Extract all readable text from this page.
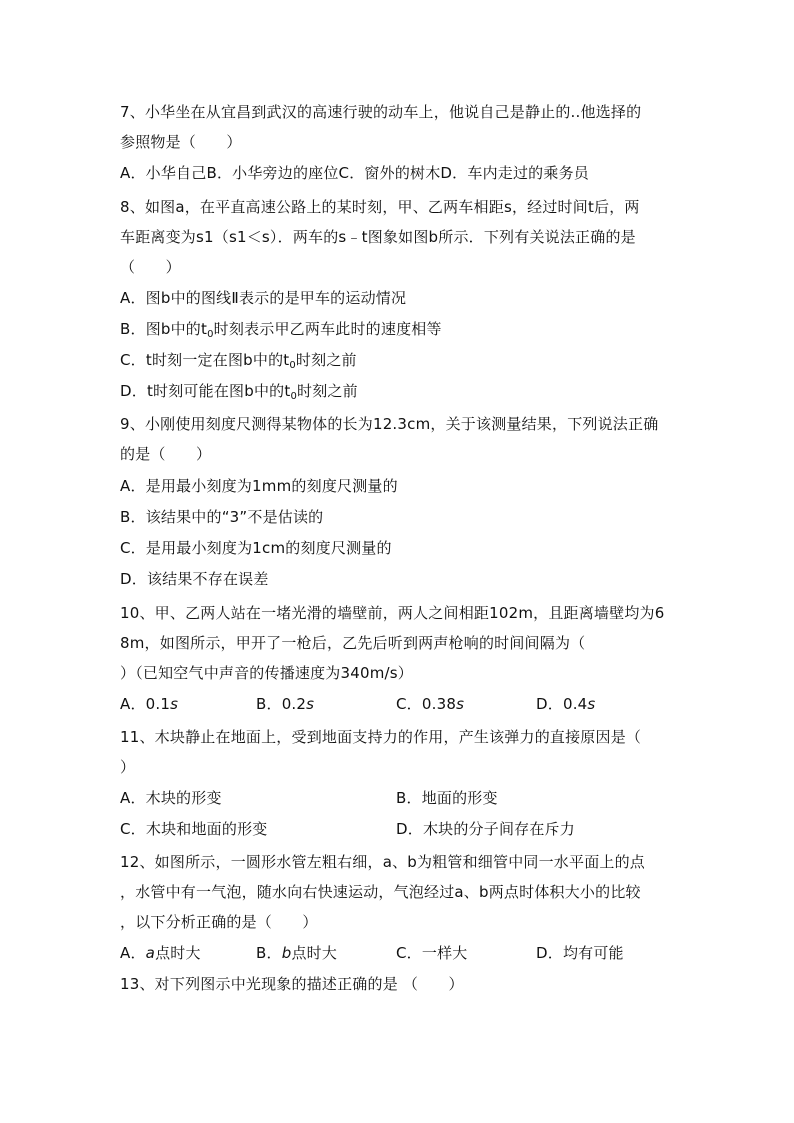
7、小华坐在从宜昌到武汉的高速行驶的动车上，他说自己是静止的..他选择的
参照物是（　　）
A．小华自己B．小华旁边的座位C．窗外的树木D．车内走过的乘务员
8、如图a，在平直高速公路上的某时刻，甲、乙两车相距s，经过时间t后，两
车距离变为s1（s1＜s）．两车的s﹣t图象如图b所示．下列有关说法正确的是
（　　）
A．图b中的图线Ⅱ表示的是甲车的运动情况
B．图b中的$t_0$时刻表示甲乙两车此时的速度相等
C．t时刻一定在图b中的$t_0$时刻之前
D．t时刻可能在图b中的$t_0$时刻之前
9、小刚使用刻度尺测得某物体的长为12.3cm，关于该测量结果，下列说法正确
的是（　　）
A．是用最小刻度为1mm的刻度尺测量的
B．该结果中的“3”不是估读的
C．是用最小刻度为1cm的刻度尺测量的
D．该结果不存在误差
10、甲、乙两人站在一堵光滑的墙壁前，两人之间相距102m，且距离墙壁均为6
8m，如图所示，甲开了一枪后，乙先后听到两声枪响的时间间隔为（
）（已知空气中声音的传播速度为340m/s）
A．0.1s	B．0.2s	C．0.38s	D．0.4s
11、木块静止在地面上，受到地面支持力的作用，产生该弹力的直接原因是（
）
A．木块的形变	B．地面的形变
C．木块和地面的形变	D．木块的分子间存在斥力
12、如图所示，一圆形水管左粗右细，a、b为粗管和细管中同一水平面上的点
，水管中有一气泡，随水向右快速运动，气泡经过a、b两点时体积大小的比较
，以下分析正确的是（　　）
A．a点时大	B．b点时大	C．一样大	D．均有可能
13、对下列图示中光现象的描述正确的是 （　　）
